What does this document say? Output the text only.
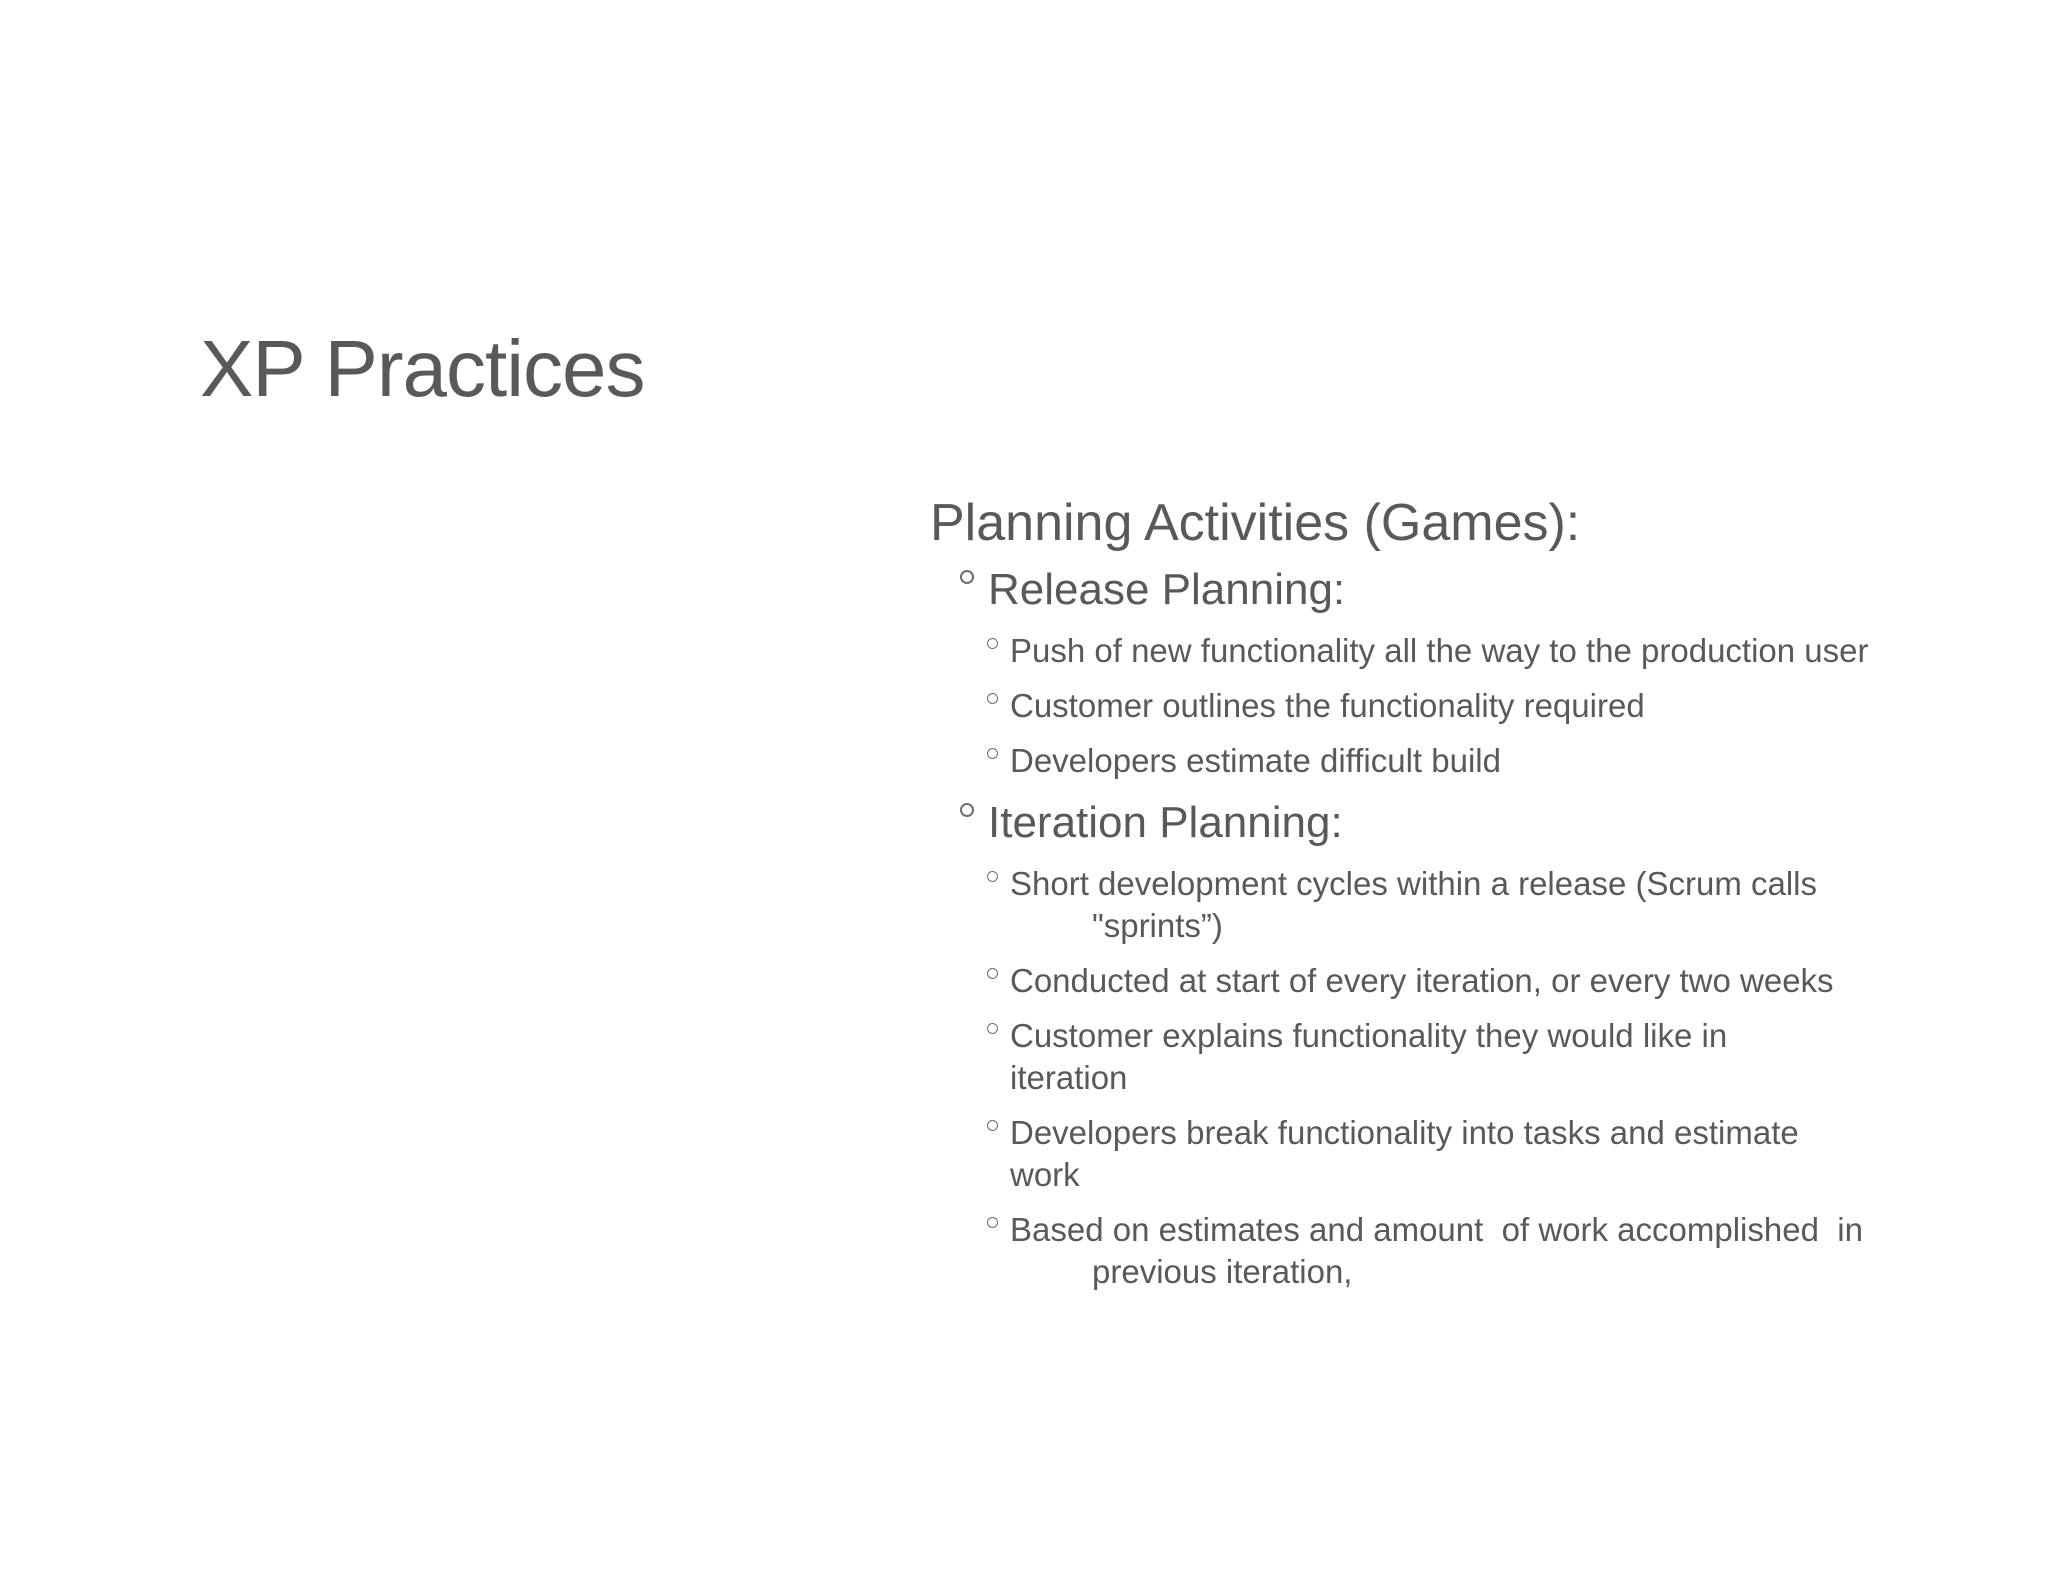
XP Practices
Planning Activities (Games):
Release Planning:
Push of new functionality all the way to the production user
Customer outlines the functionality required
Developers estimate difficult build
Iteration Planning:
Short development cycles within a release (Scrum calls
"sprints”)
Conducted at start of every iteration, or every two weeks
Customer explains functionality they would like in iteration
Developers break functionality into tasks and estimate work
Based on estimates and amount  of work accomplished  in
previous iteration,
